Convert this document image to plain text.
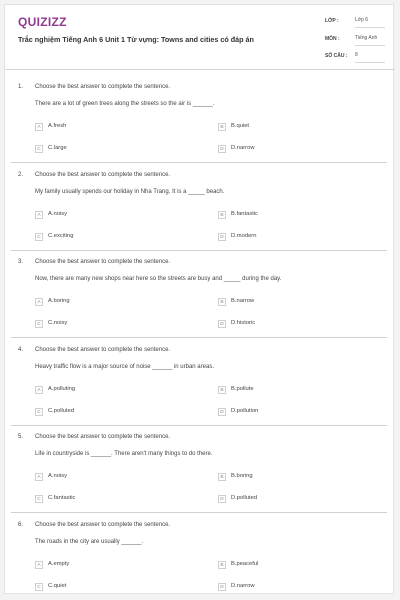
QUIZIZZ
Trắc nghiệm Tiếng Anh 6 Unit 1 Từ vựng: Towns and cities có đáp án
LỚP :	Lớp 6
MÔN :	Tiếng Anh
SỐ CÂU : 8
1. Choose the best answer to complete the sentence.
There are a lot of green trees along the streets so the air is ______.
A	A.fresh	B	B.quiet
C	C.large	D	D.narrow
2. Choose the best answer to complete the sentence.
My family usually spends our holiday in Nha Trang. It is a _____ beach.
A	A.noisy	B	B.fantastic
C	C.exciting	D	D.modern
3. Choose the best answer to complete the sentence.
Now, there are many new shops near here so the streets are busy and _____ during the day.
A	A.boring	B	B.narrow
C	C.noisy	D	D.historic
4. Choose the best answer to complete the sentence.
Heavy traffic flow is a major source of noise ______ in urban areas.
A	A.polluting	B	B.pollute
C	C.polluted	D	D.pollution
5. Choose the best answer to complete the sentence.
Life in countryside is ______. There aren't many things to do there.
A	A.noisy	B	B.boring
C	C.fantastic	D	D.polluted
6. Choose the best answer to complete the sentence.
The roads in the city are usually ______.
A	A.empty	B	B.peaceful
C	C.quiet	D	D.narrow
